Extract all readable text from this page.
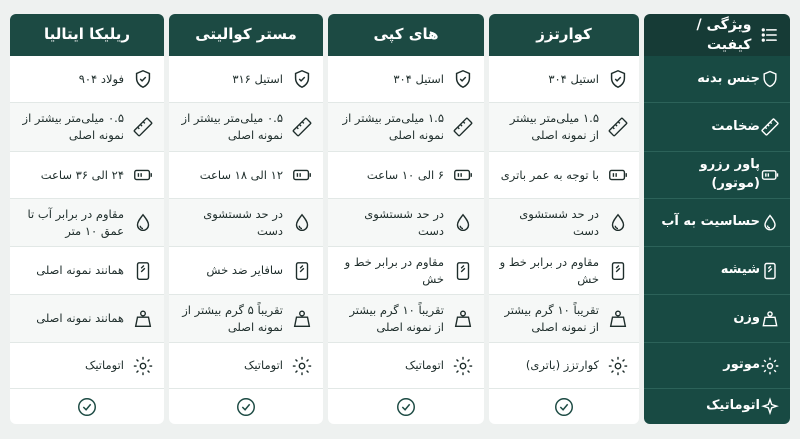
ویژگی / کیفیت
کوارتزز
های کپی
مستر کوالیتی
ریلیکا ایتالیا
جنس بدنه
استیل ۳۰۴
استیل ۳۰۴
استیل ۳۱۶
فولاد ۹۰۴
ضخامت
۱.۵ میلی‌متر بیشتر از نمونه اصلی
۱.۵ میلی‌متر بیشتر از نمونه اصلی
۰.۵ میلی‌متر بیشتر از نمونه اصلی
۰.۵ میلی‌متر بیشتر از نمونه اصلی
پاور رزرو (موتور)
با توجه به عمر باتری
۶ الی ۱۰ ساعت
۱۲ الی ۱۸ ساعت
۲۴ الی ۳۶ ساعت
حساسیت به آب
در حد شستشوی دست
در حد شستشوی دست
در حد شستشوی دست
مقاوم در برابر آب تا عمق ۱۰ متر
شیشه
مقاوم در برابر خط و خش
مقاوم در برابر خط و خش
سافایر ضد خش
همانند نمونه اصلی
وزن
تقریباً ۱۰ گرم بیشتر از نمونه اصلی
تقریباً ۱۰ گرم بیشتر از نمونه اصلی
تقریباً ۵ گرم بیشتر از نمونه اصلی
همانند نمونه اصلی
موتور
کوارتزز (باتری)
اتوماتیک
اتوماتیک
اتوماتیک
اتوماتیک
